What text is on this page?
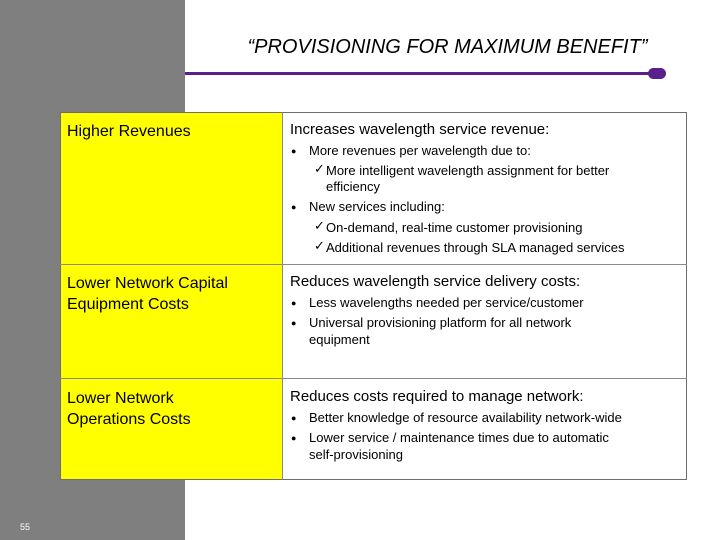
“PROVISIONING FOR MAXIMUM BENEFIT”
Higher Revenues	Increases wavelength service revenue:
● More revenues per wavelength due to:
✓ More intelligent wavelength assignment for better
efficiency
● New services including:
✓ On-demand, real-time customer provisioning
✓ Additional revenues through SLA managed services
Lower Network Capital
Equipment Costs
Reduces wavelength service delivery costs:
● Less wavelengths needed per service/customer
● Universal provisioning platform for all network
equipment
Lower Network
Operations Costs
Reduces costs required to manage network:
● Better knowledge of resource availability network-wide
● Lower service / maintenance times due to automatic
self-provisioning
55
